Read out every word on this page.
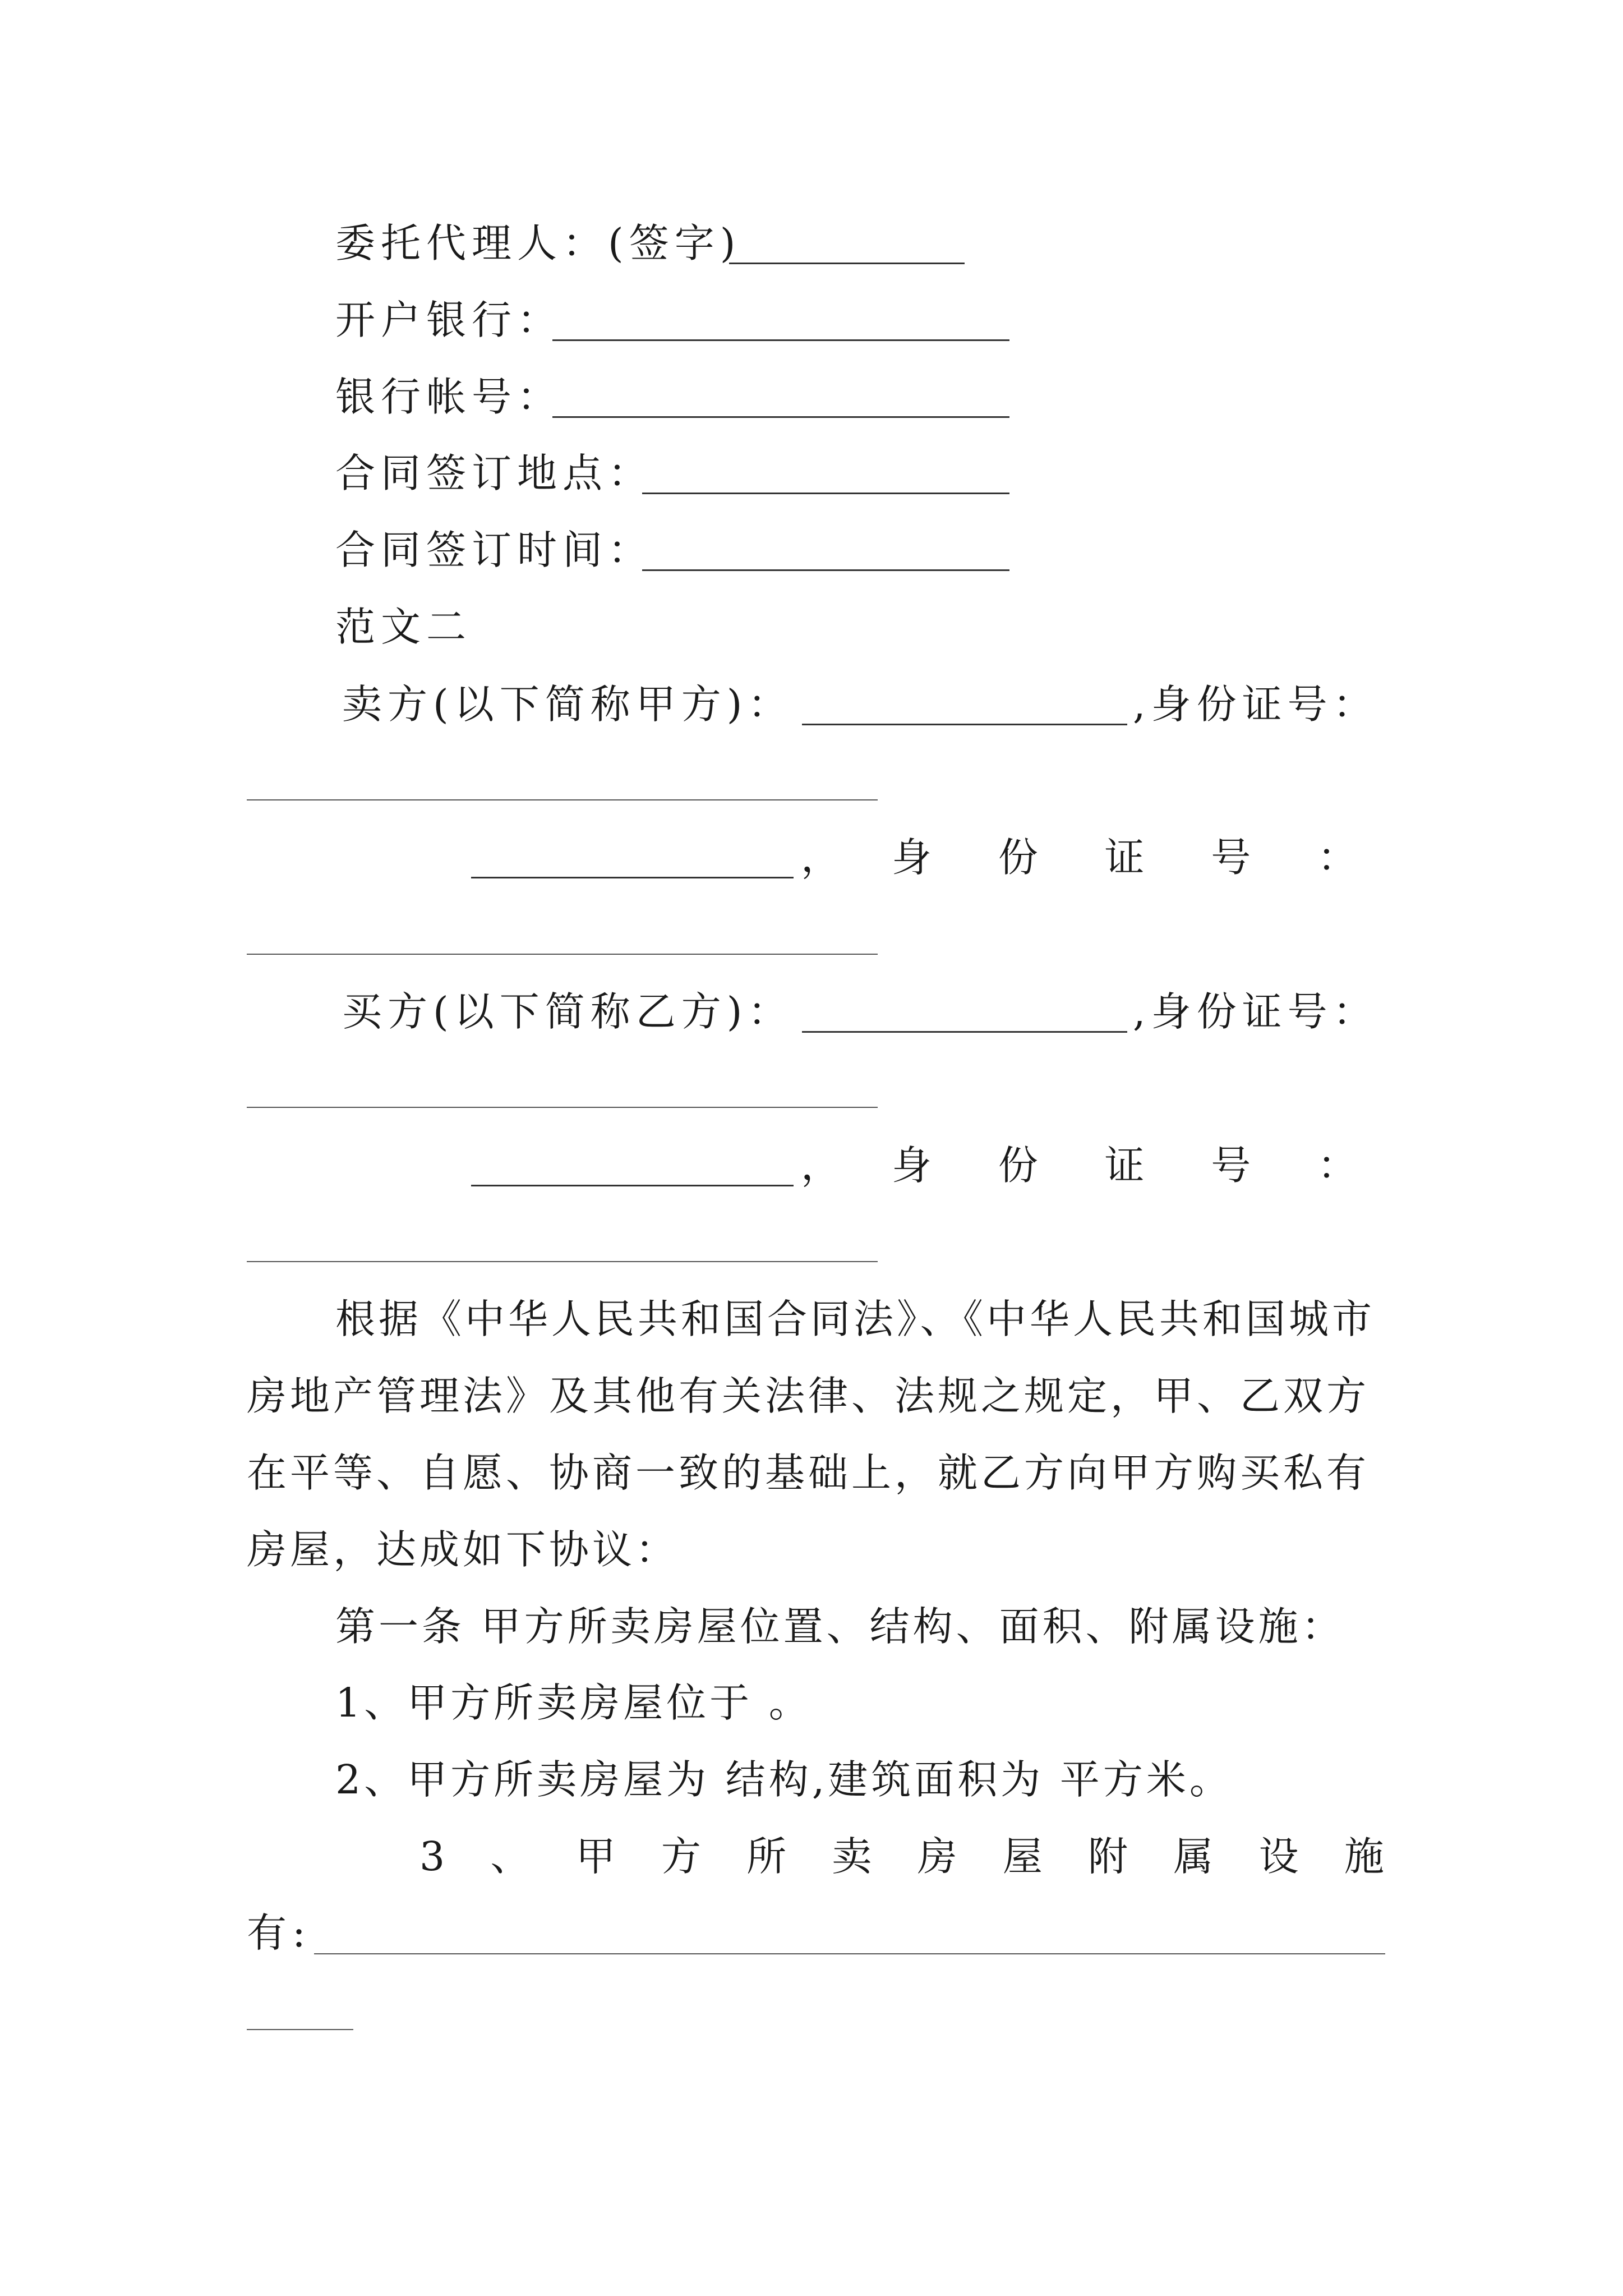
委托代理人：(签字)
开户银行：
银行帐号：
合同签订地点：
合同签订时间：
范文二
卖方(以下简称甲方)：	,身份证号：
， 身 份 证 号 ：
买方(以下简称乙方)：	,身份证号：
， 身 份 证 号 ：
根据《中华人民共和国合同法》、《中华人民共和国城市
房地产管理法》及其他有关法律、法规之规定，甲、乙双方
在平等、自愿、协商一致的基础上，就乙方向甲方购买私有
房屋，达成如下协议：
第一条 甲方所卖房屋位置、结构、面积、附属设施：
1、甲方所卖房屋位于 。
2、甲方所卖房屋为 结构,建筑面积为 平方米。
3 、 甲 方 所 卖 房 屋 附 属 设 施
有:
